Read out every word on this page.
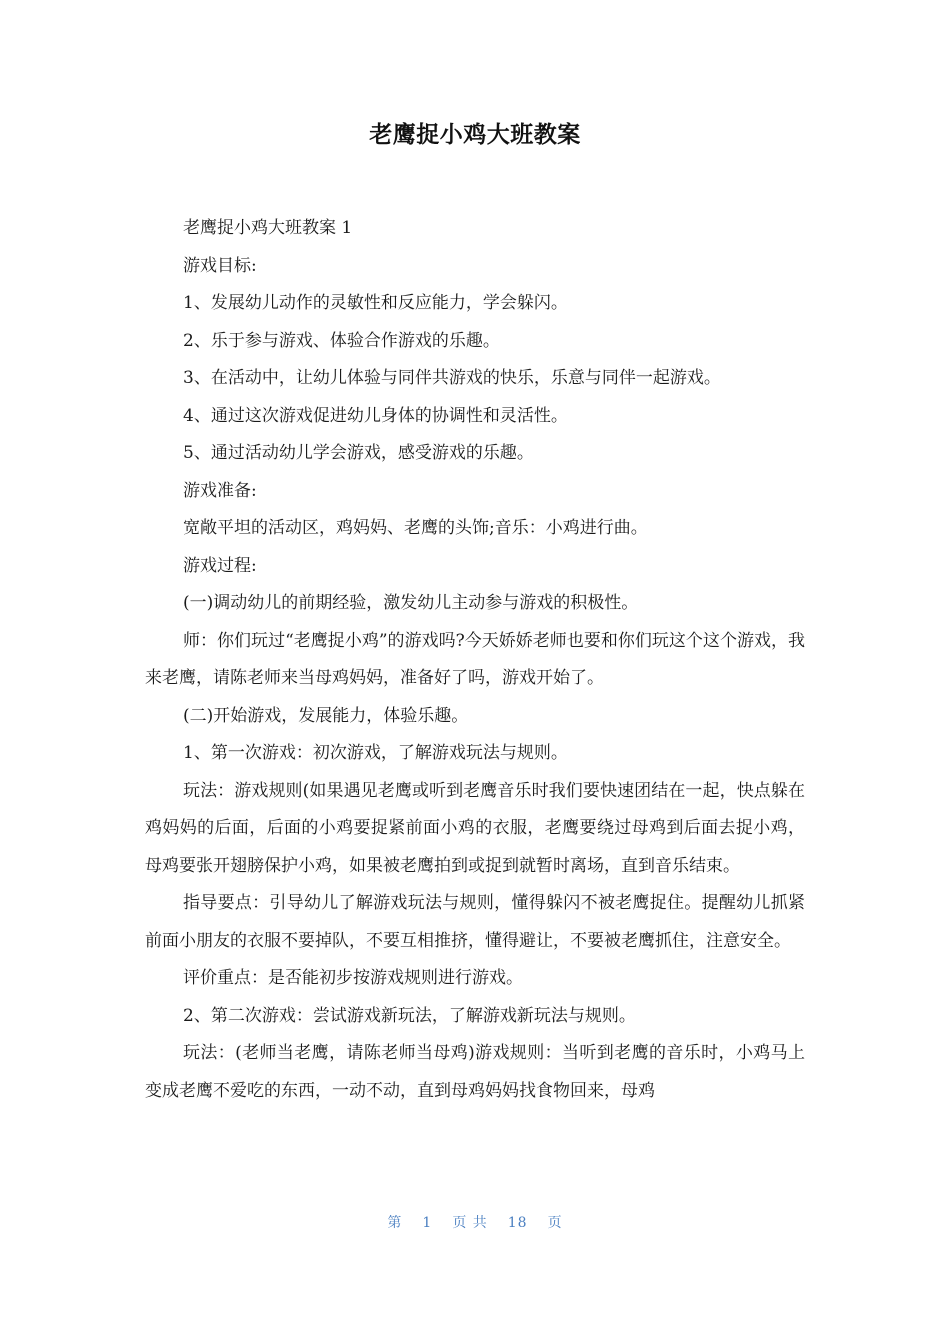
老鹰捉小鸡大班教案

老鹰捉小鸡大班教案 1

游戏目标:

1、发展幼儿动作的灵敏性和反应能力，学会躲闪。

2、乐于参与游戏、体验合作游戏的乐趣。

3、在活动中，让幼儿体验与同伴共游戏的快乐，乐意与同伴一起游戏。

4、通过这次游戏促进幼儿身体的协调性和灵活性。

5、通过活动幼儿学会游戏，感受游戏的乐趣。

游戏准备:

宽敞平坦的活动区，鸡妈妈、老鹰的头饰;音乐：小鸡进行曲。

游戏过程:

(一)调动幼儿的前期经验，激发幼儿主动参与游戏的积极性。

师：你们玩过“老鹰捉小鸡”的游戏吗?今天娇娇老师也要和你们玩这个这个游戏，我来老鹰，请陈老师来当母鸡妈妈，准备好了吗，游戏开始了。

(二)开始游戏，发展能力，体验乐趣。

1、第一次游戏：初次游戏，了解游戏玩法与规则。

玩法：游戏规则(如果遇见老鹰或听到老鹰音乐时我们要快速团结在一起，快点躲在鸡妈妈的后面，后面的小鸡要捉紧前面小鸡的衣服，老鹰要绕过母鸡到后面去捉小鸡，母鸡要张开翅膀保护小鸡，如果被老鹰拍到或捉到就暂时离场，直到音乐结束。

指导要点：引导幼儿了解游戏玩法与规则，懂得躲闪不被老鹰捉住。提醒幼儿抓紧前面小朋友的衣服不要掉队，不要互相推挤，懂得避让，不要被老鹰抓住，注意安全。

评价重点：是否能初步按游戏规则进行游戏。

2、第二次游戏：尝试游戏新玩法，了解游戏新玩法与规则。

玩法：(老师当老鹰，请陈老师当母鸡)游戏规则：当听到老鹰的音乐时，小鸡马上变成老鹰不爱吃的东西，一动不动，直到母鸡妈妈找食物回来，母鸡

第 1 页 共 18 页
